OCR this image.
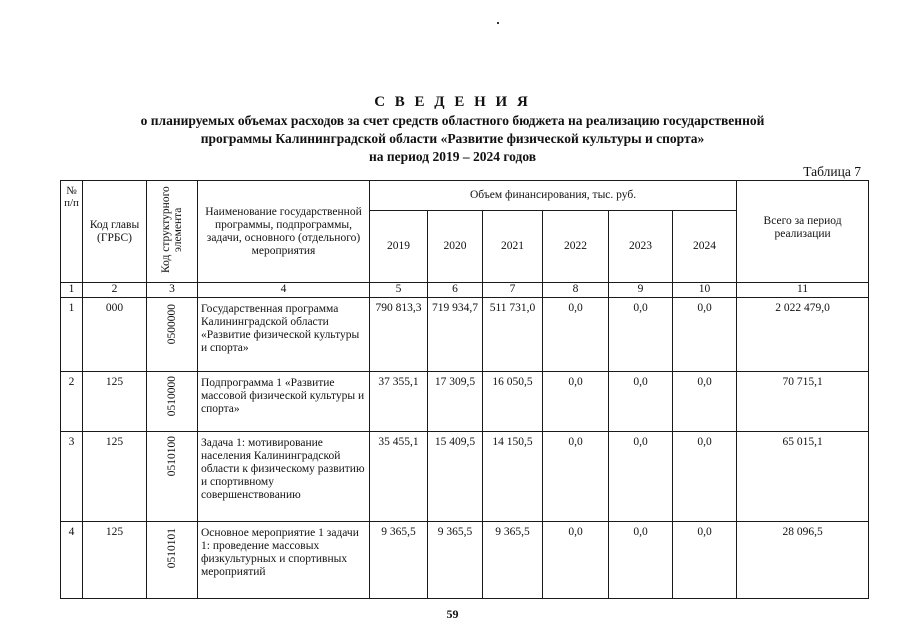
С В Е Д Е Н И Я
о планируемых объемах расходов за счет средств областного бюджета на реализацию государственной
программы Калининградской области «Развитие физической культуры и спорта»
на период 2019 – 2024 годов
Таблица 7
№ п/п	Код главы (ГРБС)	Код структурного элемента	Наименование государственной программы, подпрограммы, задачи, основного (отдельного) мероприятия	Объем финансирования, тыс. руб.						Всего за период реализации
				2019	2020	2021	2022	2023	2024	
1	2	3	4	5	6	7	8	9	10	11
1	000	0500000	Государственная программа Калининградской области «Развитие физической культуры и спорта»	790 813,3	719 934,7	511 731,0	0,0	0,0	0,0	2 022 479,0
2	125	0510000	Подпрограмма 1 «Развитие массовой физической культуры и спорта»	37 355,1	17 309,5	16 050,5	0,0	0,0	0,0	70 715,1
3	125	0510100	Задача 1: мотивирование населения Калининградской области к физическому развитию и спортивному совершенствованию	35 455,1	15 409,5	14 150,5	0,0	0,0	0,0	65 015,1
4	125	0510101	Основное мероприятие 1 задачи 1: проведение массовых физкультурных и спортивных мероприятий	9 365,5	9 365,5	9 365,5	0,0	0,0	0,0	28 096,5
59
